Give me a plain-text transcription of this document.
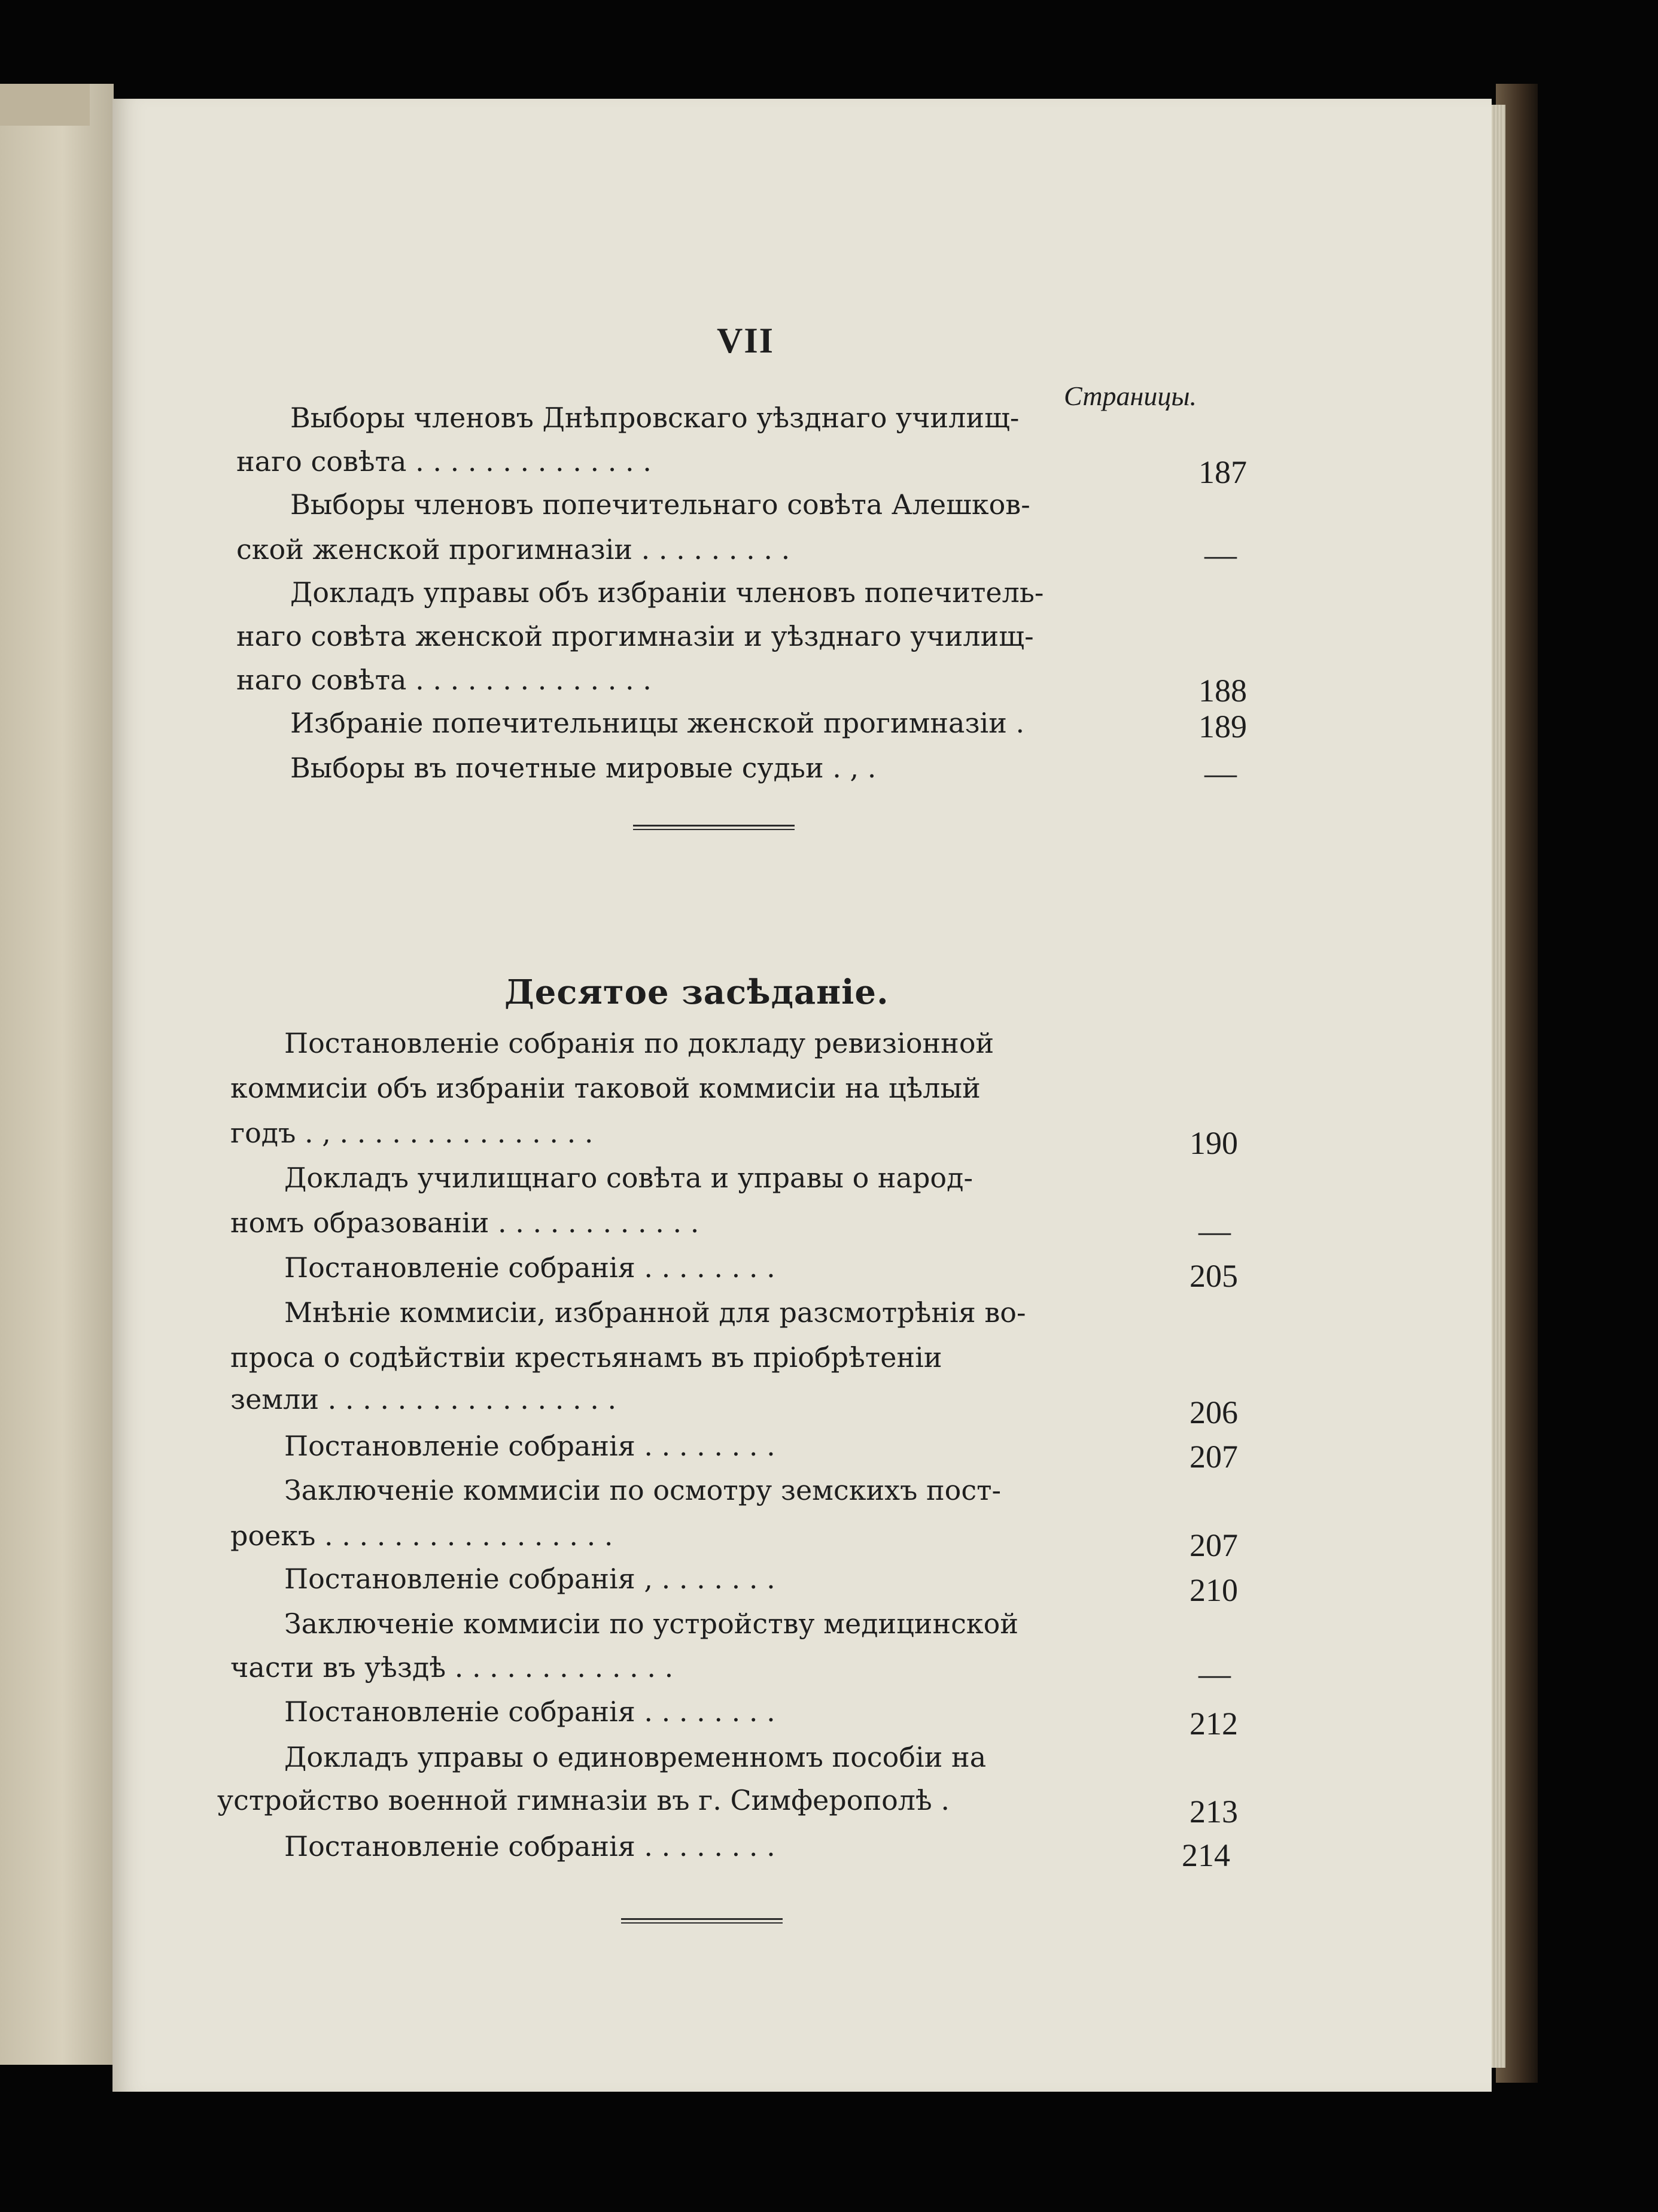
VII
Страницы.
Выборы членовъ Днѣпровскаго уѣзднаго училищ-
наго совѣта . . . . . . . . . . . . . .	187
Выборы членовъ попечительнаго совѣта Алешков-
ской женской прогимназіи . . . . . . . . .	—
Докладъ управы объ избраніи членовъ попечитель-
наго совѣта женской прогимназіи и уѣзднаго училищ-
наго совѣта . . . . . . . . . . . . . .	188
Избраніе попечительницы женской прогимназіи .	189
Выборы въ почетные мировые судьи . , .	—
Десятое засѣданіе.
Постановленіе собранія по докладу ревизіонной
коммисіи объ избраніи таковой коммисіи на цѣлый
годъ . , . . . . . . . . . . . . . . .	190
Докладъ училищнаго совѣта и управы о народ-
номъ образованіи . . . . . . . . . . . .	—
Постановленіе собранія . . . . . . . .	205
Мнѣніе коммисіи, избранной для разсмотрѣнія во-
проса о содѣйствіи крестьянамъ въ пріобрѣтеніи
земли . . . . . . . . . . . . . . . . .	206
Постановленіе собранія . . . . . . . .	207
Заключеніе коммисіи по осмотру земскихъ пост-
роекъ . . . . . . . . . . . . . . . . .	207
Постановленіе собранія , . . . . . . .	210
Заключеніе коммисіи по устройству медицинской
части въ уѣздѣ . . . . . . . . . . . . .	—
Постановленіе собранія . . . . . . . .	212
Докладъ управы о единовременномъ пособіи на
устройство военной гимназіи въ г. Симферополѣ .	213
Постановленіе собранія . . . . . . . .	214
